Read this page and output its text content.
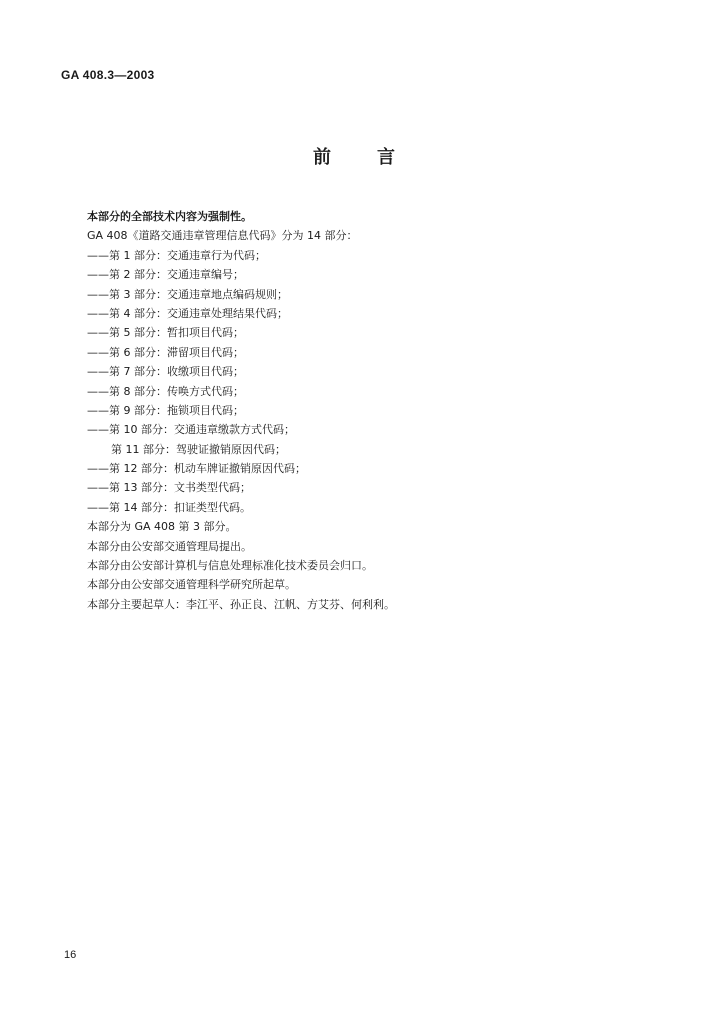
GA 408.3—2003
前言
本部分的全部技术内容为强制性。
GA 408《道路交通违章管理信息代码》分为 14 部分：
——第 1 部分：交通违章行为代码；
——第 2 部分：交通违章编号；
——第 3 部分：交通违章地点编码规则；
——第 4 部分：交通违章处理结果代码；
——第 5 部分：暂扣项目代码；
——第 6 部分：滞留项目代码；
——第 7 部分：收缴项目代码；
——第 8 部分：传唤方式代码；
——第 9 部分：拖锁项目代码；
——第 10 部分：交通违章缴款方式代码；
第 11 部分：驾驶证撤销原因代码；
——第 12 部分：机动车牌证撤销原因代码；
——第 13 部分：文书类型代码；
——第 14 部分：扣证类型代码。
本部分为 GA 408 第 3 部分。
本部分由公安部交通管理局提出。
本部分由公安部计算机与信息处理标准化技术委员会归口。
本部分由公安部交通管理科学研究所起草。
本部分主要起草人：李江平、孙正良、江帆、方艾芬、何利利。
16
